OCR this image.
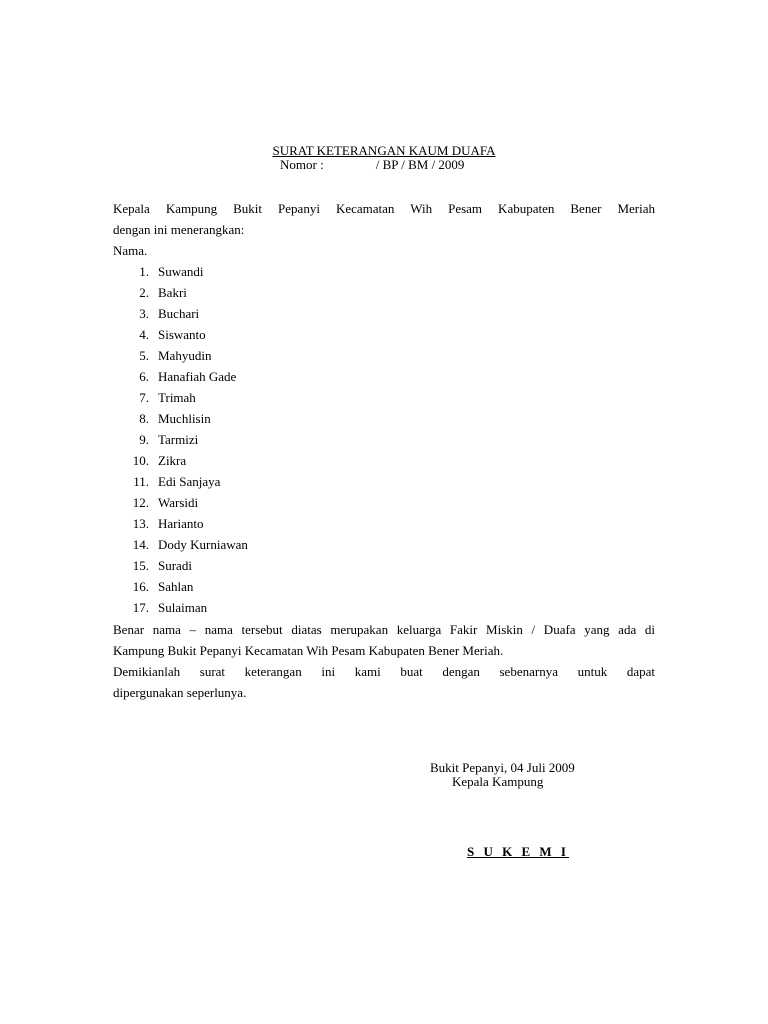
SURAT KETERANGAN KAUM DUAFA
Nomor :	/ BP / BM / 2009
Kepala Kampung Bukit Pepanyi Kecamatan Wih Pesam Kabupaten Bener Meriah
dengan ini menerangkan:
Nama.
1. Suwandi
2. Bakri
3. Buchari
4. Siswanto
5. Mahyudin
6. Hanafiah Gade
7. Trimah
8. Muchlisin
9. Tarmizi
10. Zikra
11. Edi Sanjaya
12. Warsidi
13. Harianto
14. Dody Kurniawan
15. Suradi
16. Sahlan
17. Sulaiman
Benar nama – nama tersebut diatas merupakan keluarga Fakir Miskin / Duafa yang ada di
Kampung Bukit Pepanyi Kecamatan Wih Pesam Kabupaten Bener Meriah.
Demikianlah surat keterangan ini kami buat dengan sebenarnya untuk dapat
dipergunakan seperlunya.
Bukit Pepanyi, 04 Juli 2009
Kepala Kampung
S U K E M I
